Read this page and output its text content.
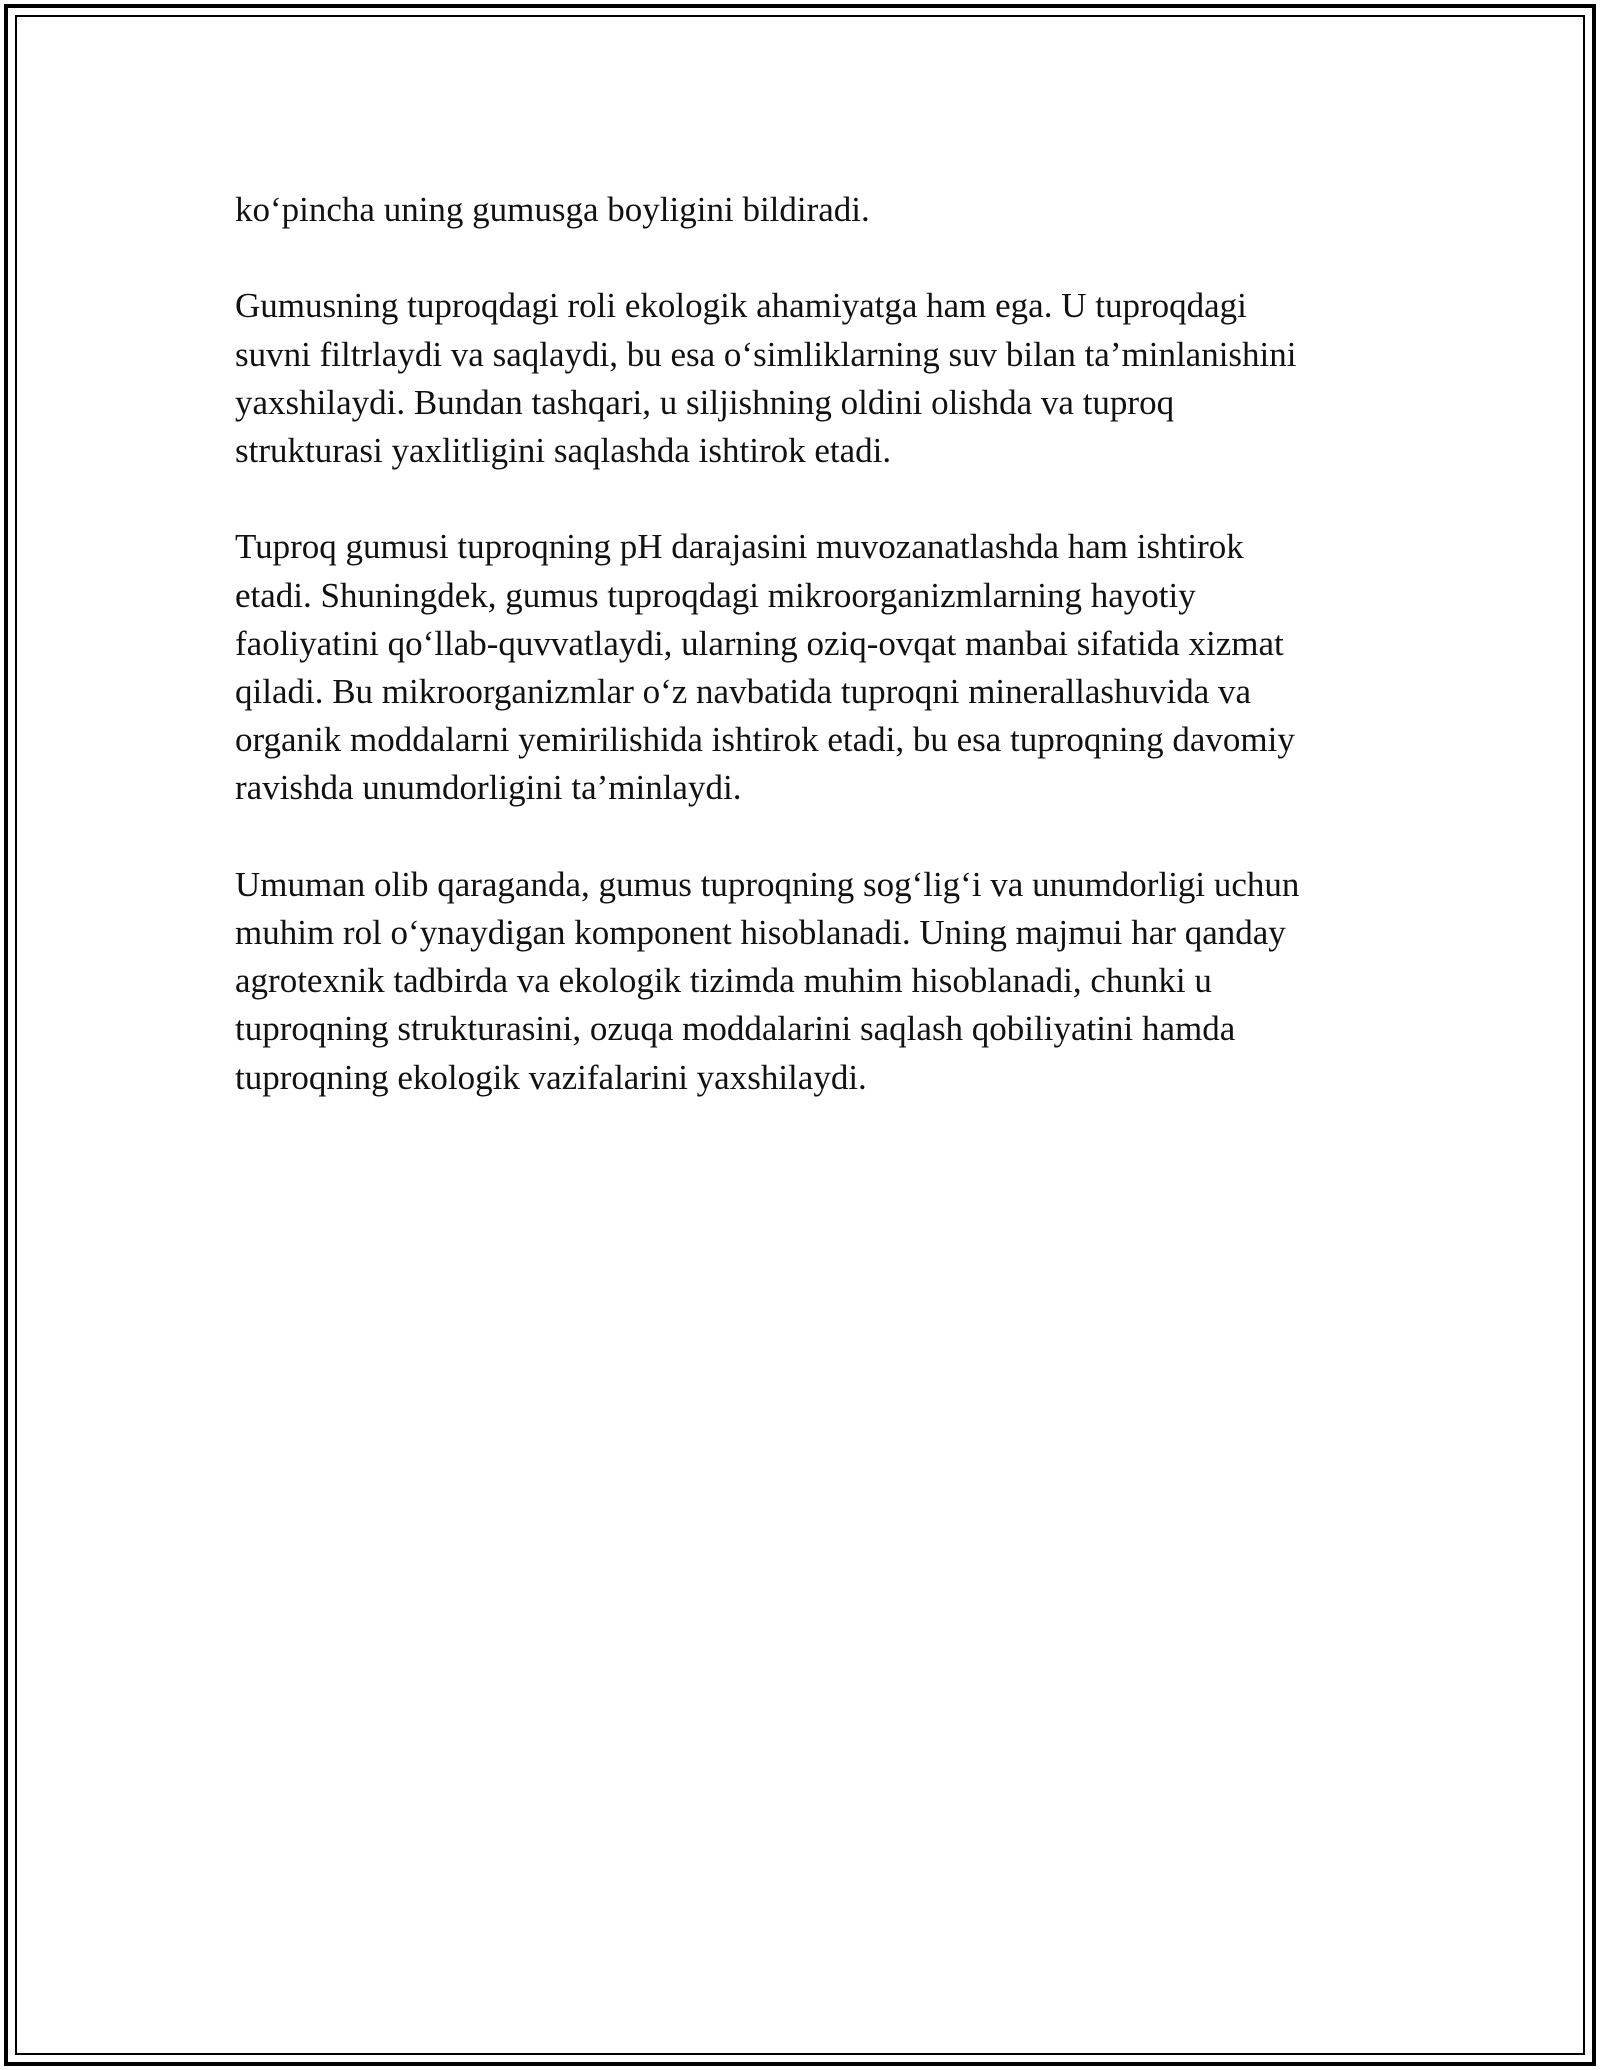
ko‘pincha uning gumusga boyligini bildiradi.

Gumusning tuproqdagi roli ekologik ahamiyatga ham ega. U tuproqdagi
suvni filtrlaydi va saqlaydi, bu esa o‘simliklarning suv bilan ta’minlanishini
yaxshilaydi. Bundan tashqari, u siljishning oldini olishda va tuproq
strukturasi yaxlitligini saqlashda ishtirok etadi.

Tuproq gumusi tuproqning pH darajasini muvozanatlashda ham ishtirok
etadi. Shuningdek, gumus tuproqdagi mikroorganizmlarning hayotiy
faoliyatini qo‘llab-quvvatlaydi, ularning oziq-ovqat manbai sifatida xizmat
qiladi. Bu mikroorganizmlar o‘z navbatida tuproqni minerallashuvida va
organik moddalarni yemirilishida ishtirok etadi, bu esa tuproqning davomiy
ravishda unumdorligini ta’minlaydi.

Umuman olib qaraganda, gumus tuproqning sog‘lig‘i va unumdorligi uchun
muhim rol o‘ynaydigan komponent hisoblanadi. Uning majmui har qanday
agrotexnik tadbirda va ekologik tizimda muhim hisoblanadi, chunki u
tuproqning strukturasini, ozuqa moddalarini saqlash qobiliyatini hamda
tuproqning ekologik vazifalarini yaxshilaydi.
